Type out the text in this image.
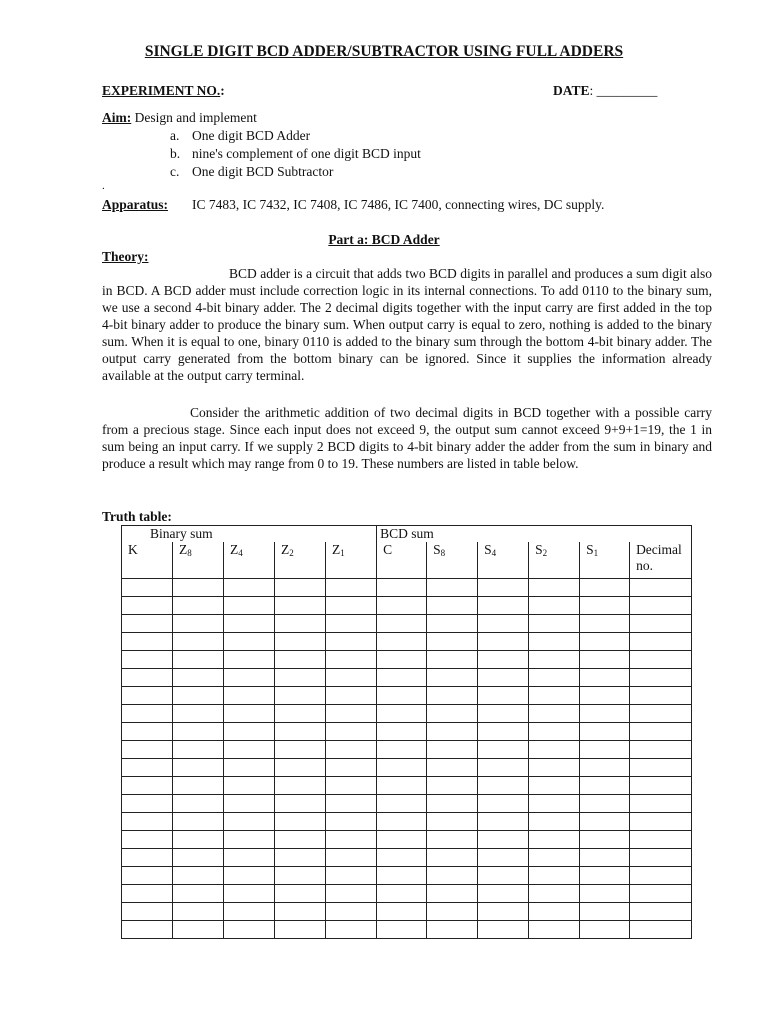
SINGLE DIGIT BCD ADDER/SUBTRACTOR USING FULL ADDERS
EXPERIMENT NO.:	DATE: _________
Aim: Design and implement
a. One digit BCD Adder
b. nine's complement of one digit BCD input
c. One digit BCD Subtractor
.
Apparatus: IC 7483, IC 7432, IC 7408, IC 7486, IC 7400, connecting wires, DC supply.
Part a: BCD Adder
Theory:
BCD adder is a circuit that adds two BCD digits in parallel and produces a sum digit also in BCD. A BCD adder must include correction logic in its internal connections. To add 0110 to the binary sum, we use a second 4-bit binary adder. The 2 decimal digits together with the input carry are first added in the top 4-bit binary adder to produce the binary sum. When output carry is equal to zero, nothing is added to the binary sum. When it is equal to one, binary 0110 is added to the binary sum through the bottom 4-bit binary adder. The output carry generated from the bottom binary can be ignored. Since it supplies the information already available at the output carry terminal.
Consider the arithmetic addition of two decimal digits in BCD together with a possible carry from a precious stage. Since each input does not exceed 9, the output sum cannot exceed 9+9+1=19, the 1 in sum being an input carry. If we supply 2 BCD digits to 4-bit binary adder the adder from the sum in binary and produce a result which may range from 0 to 19. These numbers are listed in table below.
Truth table:
Binary sum					BCD sum					
K	$Z_8$	$Z_4$	$Z_2$	$Z_1$	C	$S_8$	$S_4$	$S_2$	$S_1$	Decimal no.
